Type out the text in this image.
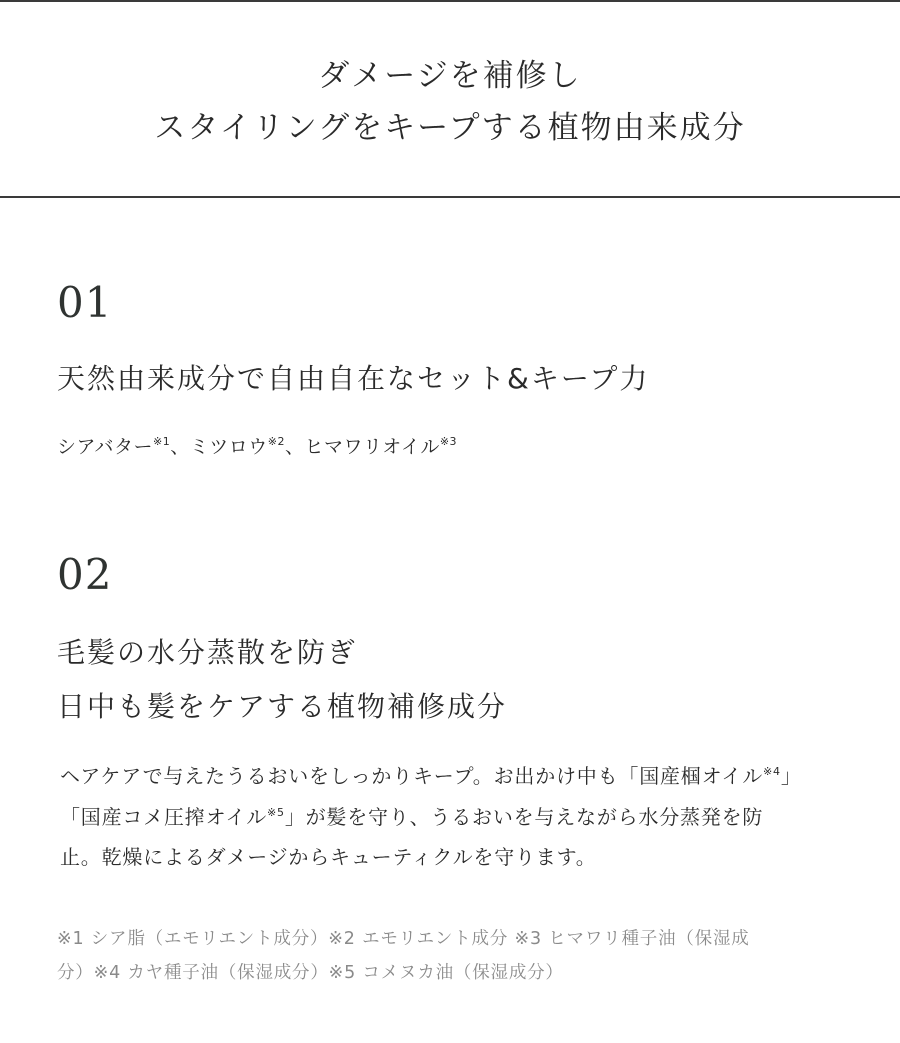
ダメージを補修し
スタイリングをキープする植物由来成分
01
天然由来成分で自由自在なセット&キープ力
シアバター$^{※1}$、ミツロウ$^{※2}$、ヒマワリオイル$^{※3}$
02
毛髪の水分蒸散を防ぎ
日中も髪をケアする植物補修成分
ヘアケアで与えたうるおいをしっかりキープ。お出かけ中も「国産椢オイル$^{※4}$」
「国産コメ圧搾オイル$^{※5}$」が髪を守り、うるおいを与えながら水分蒸発を防
止。乾燥によるダメージからキューティクルを守ります。
※1 シア脂（エモリエント成分）※2 エモリエント成分 ※3 ヒマワリ種子油（保湿成
分）※4 カヤ種子油（保湿成分）※5 コメヌカ油（保湿成分）
